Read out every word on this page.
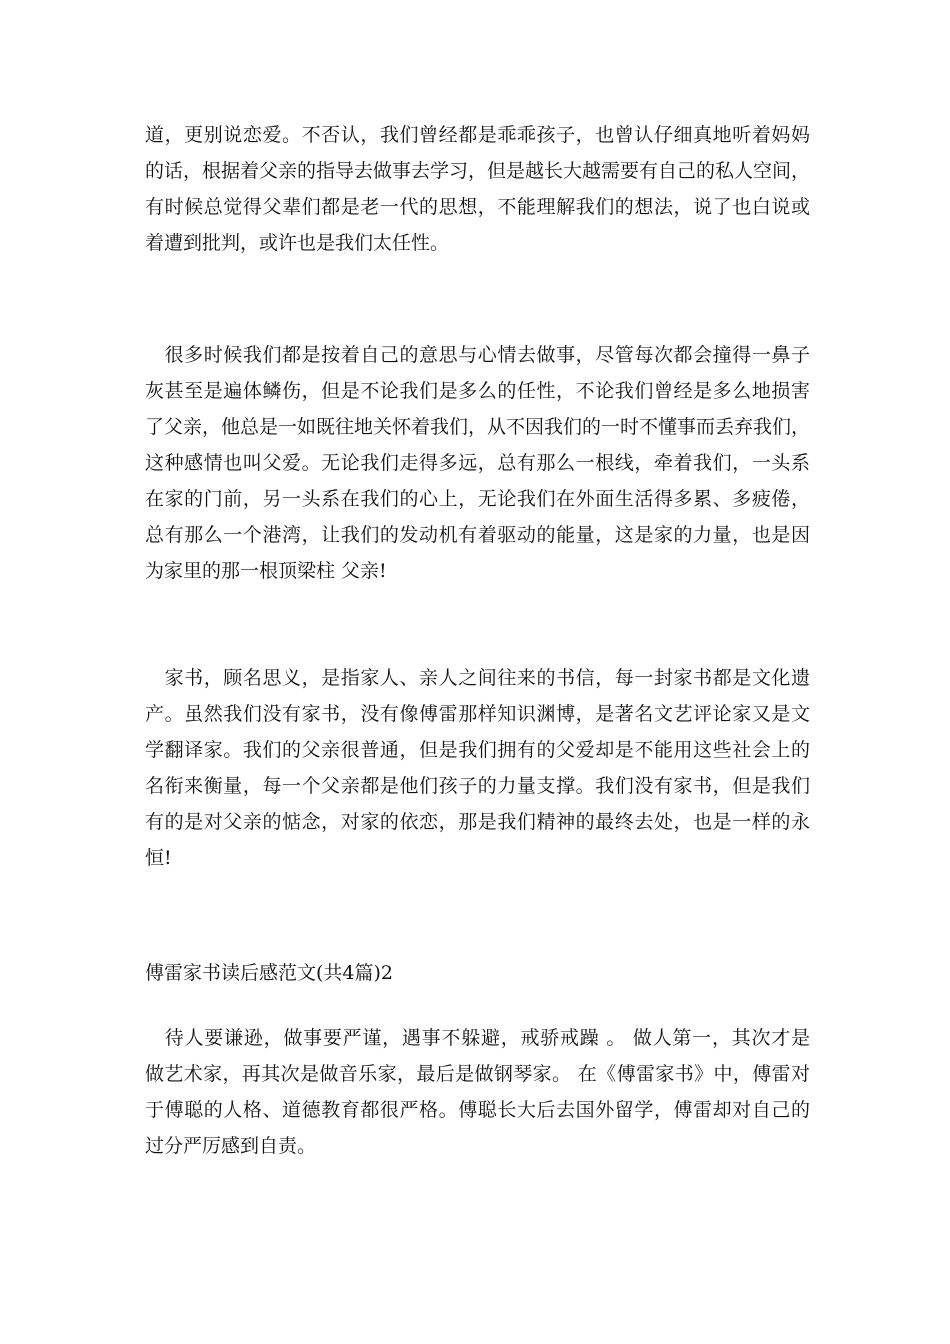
道，更别说恋爱。不否认，我们曾经都是乖乖孩子，也曾认仔细真地听着妈妈
的话，根据着父亲的指导去做事去学习，但是越长大越需要有自己的私人空间，
有时候总觉得父辈们都是老一代的思想，不能理解我们的想法，说了也白说或
着遭到批判，或许也是我们太任性。
　很多时候我们都是按着自己的意思与心情去做事，尽管每次都会撞得一鼻子
灰甚至是遍体鳞伤，但是不论我们是多么的任性，不论我们曾经是多么地损害
了父亲，他总是一如既往地关怀着我们，从不因我们的一时不懂事而丢弃我们，
这种感情也叫父爱。无论我们走得多远，总有那么一根线，牵着我们，一头系
在家的门前，另一头系在我们的心上，无论我们在外面生活得多累、多疲倦，
总有那么一个港湾，让我们的发动机有着驱动的能量，这是家的力量，也是因
为家里的那一根顶梁柱 父亲!
　家书，顾名思义，是指家人、亲人之间往来的书信，每一封家书都是文化遗
产。虽然我们没有家书，没有像傅雷那样知识渊博，是著名文艺评论家又是文
学翻译家。我们的父亲很普通，但是我们拥有的父爱却是不能用这些社会上的
名衔来衡量，每一个父亲都是他们孩子的力量支撑。我们没有家书，但是我们
有的是对父亲的惦念，对家的依恋，那是我们精神的最终去处，也是一样的永
恒!
傅雷家书读后感范文(共4篇)2
　待人要谦逊，做事要严谨，遇事不躲避，戒骄戒躁 。 做人第一，其次才是
做艺术家，再其次是做音乐家，最后是做钢琴家。 在《傅雷家书》中，傅雷对
于傅聪的人格、道德教育都很严格。傅聪长大后去国外留学，傅雷却对自己的
过分严厉感到自责。
